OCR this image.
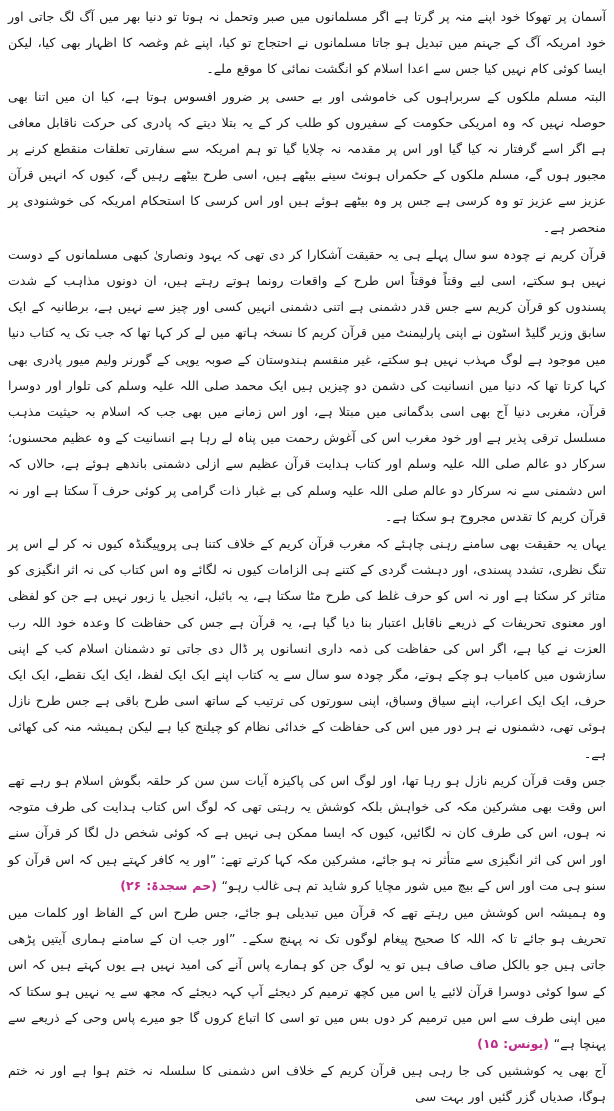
آسمان پر تھوکا خود اپنے منہ پر گرتا ہے اگر مسلمانوں میں صبر وتحمل نہ ہوتا تو دنیا بھر میں آگ لگ جاتی اور خود امریکہ آگ کے جہنم میں تبدیل ہو جاتا مسلمانوں نے احتجاج تو کیا، اپنے غم وغصہ کا اظہار بھی کیا، لیکن ایسا کوئی کام نہیں کیا جس سے اعدا اسلام کو انگشت نمائی کا موقع ملے۔

البتہ مسلم ملکوں کے سربراہوں کی خاموشی اور بے حسی پر ضرور افسوس ہوتا ہے، کیا ان میں اتنا بھی حوصلہ نہیں کہ وہ امریکی حکومت کے سفیروں کو طلب کر کے یہ بتلا دیتے کہ پادری کی حرکت ناقابل معافی ہے اگر اسے گرفتار نہ کیا گیا اور اس پر مقدمہ نہ چلایا گیا تو ہم امریکہ سے سفارتی تعلقات منقطع کرنے پر مجبور ہوں گے، مسلم ملکوں کے حکمراں ہونٹ سینے بیٹھے ہیں، اسی طرح بیٹھے رہیں گے، کیوں کہ انہیں قرآن عزیز سے عزیز تو وہ کرسی ہے جس پر وہ بیٹھے ہوئے ہیں اور اس کرسی کا استحکام امریکہ کی خوشنودی پر منحصر ہے۔

قرآن کریم نے چودہ سو سال پہلے ہی یہ حقیقت آشکارا کر دی تھی کہ یہود ونصاریٰ کبھی مسلمانوں کے دوست نہیں ہو سکتے، اسی لیے وقتاً فوقتاً اس طرح کے واقعات رونما ہوتے رہتے ہیں، ان دونوں مذاہب کے شدت پسندوں کو قرآن کریم سے جس قدر دشمنی ہے اتنی دشمنی انہیں کسی اور چیز سے نہیں ہے، برطانیہ کے ایک سابق وزیر گلیڈ اسٹون نے اپنی پارلیمنٹ میں قرآن کریم کا نسخہ ہاتھ میں لے کر کہا تھا کہ جب تک یہ کتاب دنیا میں موجود ہے لوگ مہذب نہیں ہو سکتے، غیر منقسم ہندوستان کے صوبہ یوپی کے گورنر ولیم میور پادری بھی کہا کرتا تھا کہ دنیا میں انسانیت کی دشمن دو چیزیں ہیں ایک محمد صلی اللہ علیہ وسلم کی تلوار اور دوسرا قرآن، مغربی دنیا آج بھی اسی بدگمانی میں مبتلا ہے، اور اس زمانے میں بھی جب کہ اسلام بہ حیثیت مذہب مسلسل ترقی پذیر ہے اور خود مغرب اس کی آغوش رحمت میں پناہ لے رہا ہے انسانیت کے وہ عظیم محسنوں؛ سرکار دو عالم صلی اللہ علیہ وسلم اور کتاب ہدایت قرآن عظیم سے ازلی دشمنی باندھے ہوئے ہے، حالاں کہ اس دشمنی سے نہ سرکار دو عالم صلی اللہ علیہ وسلم کی بے غبار ذات گرامی پر کوئی حرف آ سکتا ہے اور نہ قرآن کریم کا تقدس مجروح ہو سکتا ہے۔

یہاں یہ حقیقت بھی سامنے رہنی چاہئے کہ مغرب قرآن کریم کے خلاف کتنا ہی پروپیگنڈہ کیوں نہ کر لے اس پر تنگ نظری، تشدد پسندی، اور دہشت گردی کے کتنے ہی الزامات کیوں نہ لگائے وہ اس کتاب کی نہ اثر انگیزی کو متاثر کر سکتا ہے اور نہ اس کو حرف غلط کی طرح مٹا سکتا ہے، یہ بائبل، انجیل یا زبور نہیں ہے جن کو لفظی اور معنوی تحریفات کے ذریعے ناقابل اعتبار بنا دیا گیا ہے، یہ قرآن ہے جس کی حفاظت کا وعدہ خود اللہ رب العزت نے کیا ہے، اگر اس کی حفاظت کی ذمہ داری انسانوں پر ڈال دی جاتی تو دشمنان اسلام کب کے اپنی سازشوں میں کامیاب ہو چکے ہوتے، مگر چودہ سو سال سے یہ کتاب اپنے ایک ایک لفظ، ایک ایک نقطے، ایک ایک حرف، ایک ایک اعراب، اپنے سیاق وسباق، اپنی سورتوں کی ترتیب کے ساتھ اسی طرح باقی ہے جس طرح نازل ہوئی تھی، دشمنوں نے ہر دور میں اس کی حفاظت کے خدائی نظام کو چیلنج کیا ہے لیکن ہمیشہ منہ کی کھائی ہے۔

جس وقت قرآن کریم نازل ہو رہا تھا، اور لوگ اس کی پاکیزہ آیات سن سن کر حلقہ بگوش اسلام ہو رہے تھے اس وقت بھی مشرکین مکہ کی خواہش بلکہ کوشش یہ رہتی تھی کہ لوگ اس کتاب ہدایت کی طرف متوجہ نہ ہوں، اس کی طرف کان نہ لگائیں، کیوں کہ ایسا ممکن ہی نہیں ہے کہ کوئی شخص دل لگا کر قرآن سنے اور اس کی اثر انگیزی سے متأثر نہ ہو جائے، مشرکین مکہ کہا کرتے تھے: ”اور یہ کافر کہتے ہیں کہ اس قرآن کو سنو ہی مت اور اس کے بیچ میں شور مچایا کرو شاید تم ہی غالب رہو“ (حم سجدۃ: ۲۶)

وہ ہمیشہ اس کوشش میں رہتے تھے کہ قرآن میں تبدیلی ہو جائے، جس طرح اس کے الفاظ اور کلمات میں تحریف ہو جائے تا کہ اللہ کا صحیح پیغام لوگوں تک نہ پہنچ سکے۔ ”اور جب ان کے سامنے ہماری آیتیں پڑھی جاتی ہیں جو بالکل صاف صاف ہیں تو یہ لوگ جن کو ہمارے پاس آنے کی امید نہیں ہے یوں کہتے ہیں کہ اس کے سوا کوئی دوسرا قرآن لائیے یا اس میں کچھ ترمیم کر دیجئے آپ کہہ دیجئے کہ مجھ سے یہ نہیں ہو سکتا کہ میں اپنی طرف سے اس میں ترمیم کر دوں بس میں تو اسی کا اتباع کروں گا جو میرے پاس وحی کے ذریعے سے پہنچا ہے“ (یونس: ۱۵)

آج بھی یہ کوششیں کی جا رہی ہیں قرآن کریم کے خلاف اس دشمنی کا سلسلہ نہ ختم ہوا ہے اور نہ ختم ہوگا، صدیاں گزر گئیں اور بہت سی
